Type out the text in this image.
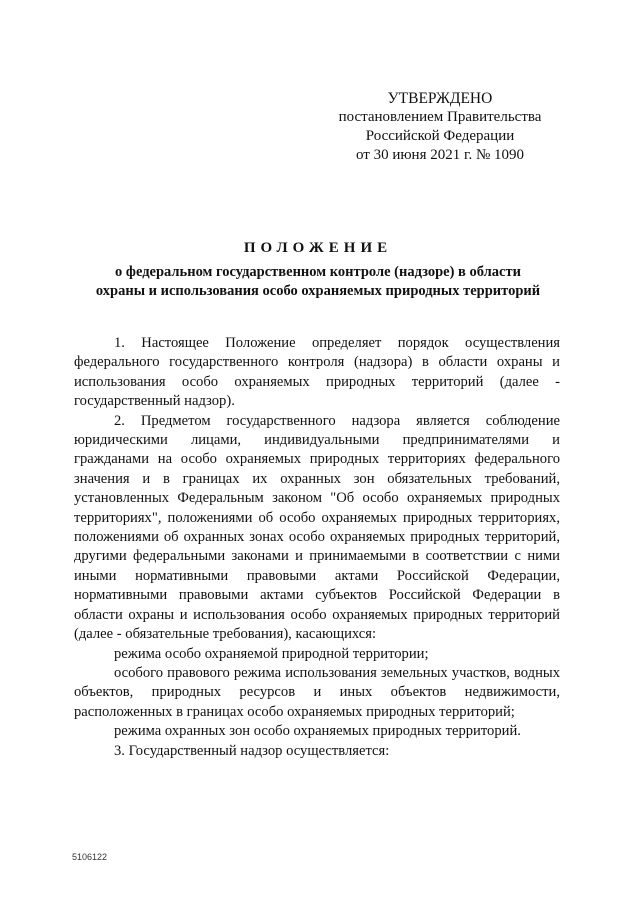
УТВЕРЖДЕНО
постановлением Правительства
Российской Федерации
от 30 июня 2021 г. № 1090
ПОЛОЖЕНИЕ
о федеральном государственном контроле (надзоре) в области
охраны и использования особо охраняемых природных территорий

1. Настоящее Положение определяет порядок осуществления федерального государственного контроля (надзора) в области охраны и использования особо охраняемых природных территорий (далее - государственный надзор).

2. Предметом государственного надзора является соблюдение юридическими лицами, индивидуальными предпринимателями и гражданами на особо охраняемых природных территориях федерального значения и в границах их охранных зон обязательных требований, установленных Федеральным законом "Об особо охраняемых природных территориях", положениями об особо охраняемых природных территориях, положениями об охранных зонах особо охраняемых природных территорий, другими федеральными законами и принимаемыми в соответствии с ними иными нормативными правовыми актами Российской Федерации, нормативными правовыми актами субъектов Российской Федерации в области охраны и использования особо охраняемых природных территорий (далее - обязательные требования), касающихся:

режима особо охраняемой природной территории;

особого правового режима использования земельных участков, водных объектов, природных ресурсов и иных объектов недвижимости, расположенных в границах особо охраняемых природных территорий;

режима охранных зон особо охраняемых природных территорий.

3. Государственный надзор осуществляется:

5106122
